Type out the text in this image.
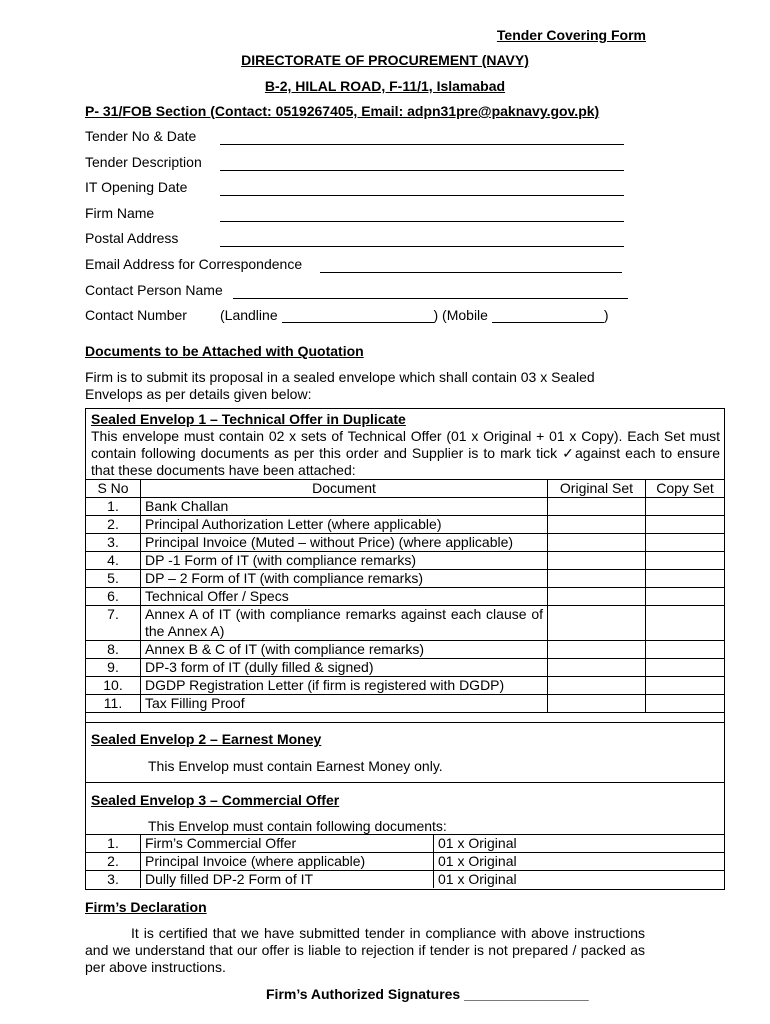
Tender Covering Form
DIRECTORATE OF PROCUREMENT (NAVY)
B-2, HILAL ROAD, F-11/1, Islamabad
P- 31/FOB Section (Contact: 0519267405, Email: adpn31pre@paknavy.gov.pk)
Tender No & Date
Tender Description
IT Opening Date
Firm Name
Postal Address
Email Address for Correspondence
Contact Person Name
Contact Number (Landline	) (Mobile	)
Documents to be Attached with Quotation
Firm is to submit its proposal in a sealed envelope which shall contain 03 x Sealed Envelops as per details given below:
Sealed Envelop 1 – Technical Offer in Duplicate
This envelope must contain 02 x sets of Technical Offer (01 x Original + 01 x Copy). Each Set must contain following documents as per this order and Supplier is to mark tick ✓against each to ensure that these documents have been attached:
S No	Document	Original Set	Copy Set
1.	Bank Challan		
2.	Principal Authorization Letter (where applicable)		
3.	Principal Invoice (Muted – without Price) (where applicable)		
4.	DP -1 Form of IT (with compliance remarks)		
5.	DP – 2 Form of IT (with compliance remarks)		
6.	Technical Offer / Specs		
7.	Annex A of IT (with compliance remarks against each clause of the Annex A)		
8.	Annex B & C of IT (with compliance remarks)		
9.	DP-3 form of IT (dully filled & signed)		
10.	DGDP Registration Letter (if firm is registered with DGDP)		
11.	Tax Filling Proof		
Sealed Envelop 2 – Earnest Money
This Envelop must contain Earnest Money only.
Sealed Envelop 3 – Commercial Offer
This Envelop must contain following documents:
1.	Firm’s Commercial Offer	01 x Original
2.	Principal Invoice (where applicable)	01 x Original
3.	Dully filled DP-2 Form of IT	01 x Original
Firm’s Declaration
It is certified that we have submitted tender in compliance with above instructions and we understand that our offer is liable to rejection if tender is not prepared / packed as per above instructions.
Firm’s Authorized Signatures ________________
